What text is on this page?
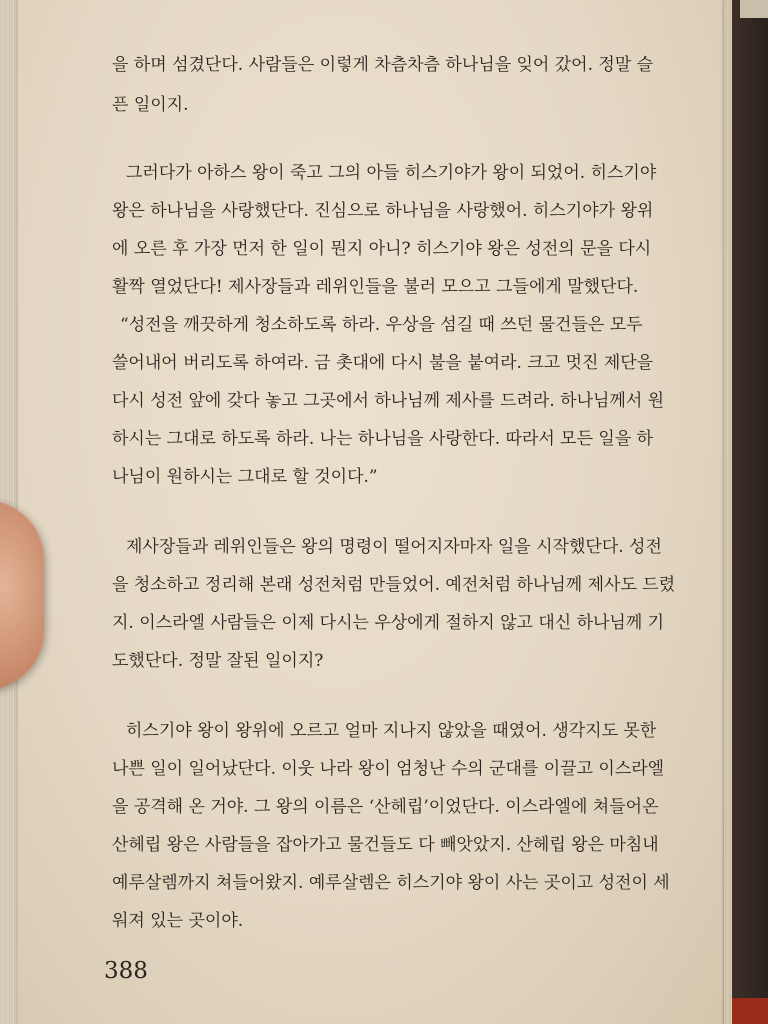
을 하며 섬겼단다. 사람들은 이렇게 차츰차츰 하나님을 잊어 갔어. 정말 슬
픈 일이지.
그러다가 아하스 왕이 죽고 그의 아들 히스기야가 왕이 되었어. 히스기야
왕은 하나님을 사랑했단다. 진심으로 하나님을 사랑했어. 히스기야가 왕위
에 오른 후 가장 먼저 한 일이 뭔지 아니? 히스기야 왕은 성전의 문을 다시
활짝 열었단다! 제사장들과 레위인들을 불러 모으고 그들에게 말했단다.
“성전을 깨끗하게 청소하도록 하라. 우상을 섬길 때 쓰던 물건들은 모두
쓸어내어 버리도록 하여라. 금 촛대에 다시 불을 붙여라. 크고 멋진 제단을
다시 성전 앞에 갖다 놓고 그곳에서 하나님께 제사를 드려라. 하나님께서 원
하시는 그대로 하도록 하라. 나는 하나님을 사랑한다. 따라서 모든 일을 하
나님이 원하시는 그대로 할 것이다.”
제사장들과 레위인들은 왕의 명령이 떨어지자마자 일을 시작했단다. 성전
을 청소하고 정리해 본래 성전처럼 만들었어. 예전처럼 하나님께 제사도 드렸
지. 이스라엘 사람들은 이제 다시는 우상에게 절하지 않고 대신 하나님께 기
도했단다. 정말 잘된 일이지?
히스기야 왕이 왕위에 오르고 얼마 지나지 않았을 때였어. 생각지도 못한
나쁜 일이 일어났단다. 이웃 나라 왕이 엄청난 수의 군대를 이끌고 이스라엘
을 공격해 온 거야. 그 왕의 이름은 ‘산헤립’이었단다. 이스라엘에 쳐들어온
산헤립 왕은 사람들을 잡아가고 물건들도 다 빼앗았지. 산헤립 왕은 마침내
예루살렘까지 쳐들어왔지. 예루살렘은 히스기야 왕이 사는 곳이고 성전이 세
워져 있는 곳이야.
388
